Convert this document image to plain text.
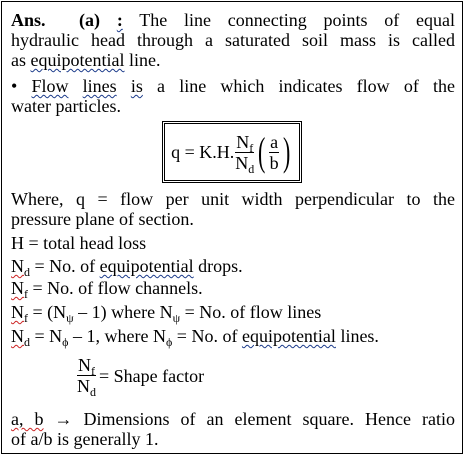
Ans. (a) : The line connecting points of equal
hydraulic head through a saturated soil mass is called
as equipotential line.
• Flow lines is a line which indicates flow of the
water particles.
q = K.H. $\frac{N_f}{N_d}$ ( $\frac{a}{b}$ )
Where, q = flow per unit width perpendicular to the
pressure plane of section.
H = total head loss
$N_d = No$. of equipotential drops.
$N_f = No$. of flow channels.
$N_f = (N_\psi - 1)$ where $N_\psi = No$. of flow lines
$N_d = N_\phi - 1$, where $N_\phi = No$. of equipotential lines.
$\frac{N_f}{N_d}$ = Shape factor
a, b → Dimensions of an element square. Hence ratio
of a/b is generally 1.
